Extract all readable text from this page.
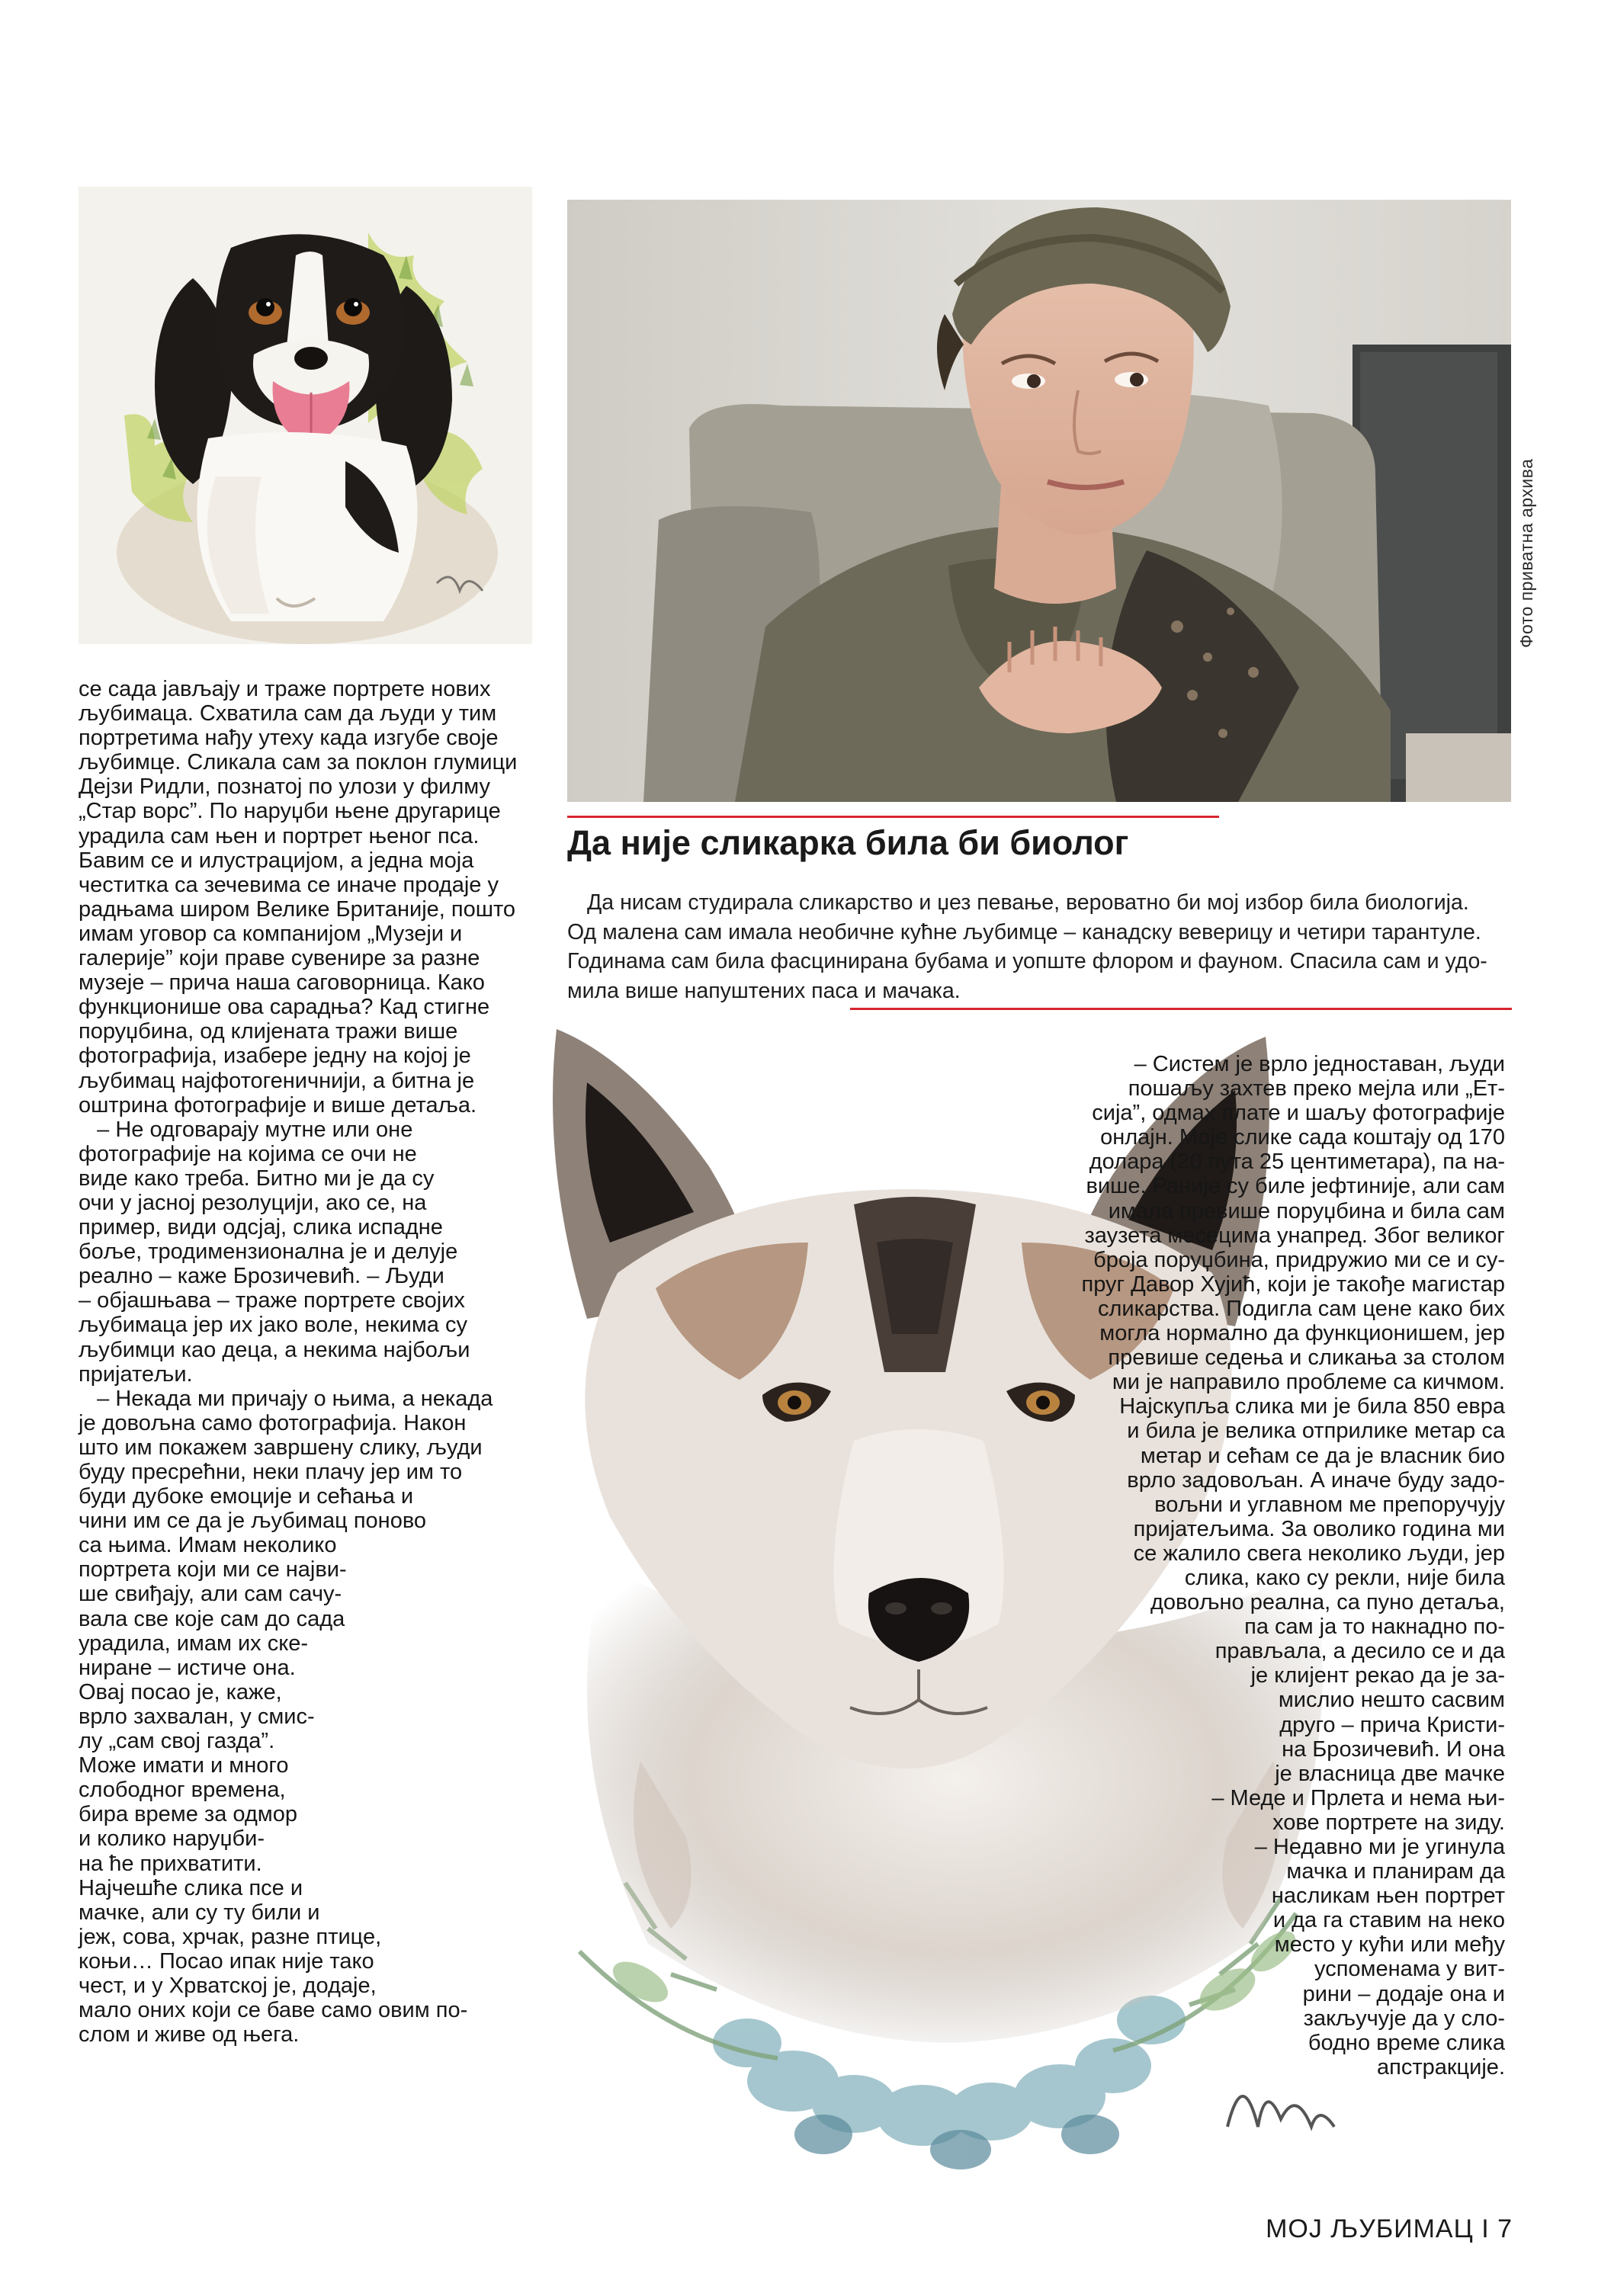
Фото приватна архива
Да није сликарка била би биолог
Да нисам студирала сликарство и џез певање, вероватно би мој избор била биологија.
Од малена сам имала необичне кућне љубимце – канадску веверицу и четири тарантуле.
Годинама сам била фасцинирана бубама и уопште флором и фауном. Спасила сам и удо-
мила више напуштених паса и мачака.
се сада јављају и траже портрете нових
љубимаца. Схватила сам да људи у тим
портретима нађу утеху када изгубе своје
љубимце. Сликала сам за поклон глумици
Дејзи Ридли, познатој по улози у филму
„Стар ворс”. По наруџби њене другарице
урадила сам њен и портрет њеног пса.
Бавим се и илустрацијом, а једна моја
честитка са зечевима се иначе продаје у
радњама широм Велике Британије, пошто
имам уговор са компанијом „Музеји и
галерије” који праве сувенире за разне
музеје – прича наша саговорница. Како
функционише ова сарадња? Кад стигне
поруџбина, од клијената тражи више
фотографија, изабере једну на којој је
љубимац најфотогеничнији, а битна је
оштрина фотографије и више детаља.
– Не одговарају мутне или оне
фотографије на којима се очи не
виде како треба. Битно ми је да су
очи у јасној резолуцији, ако се, на
пример, види одсјај, слика испадне
боље, тродимензионална је и делује
реално – каже Брозичевић. – Људи
– објашњава – траже портрете својих
љубимаца јер их јако воле, некима су
љубимци као деца, а некима најбољи
пријатељи.
– Некада ми причају о њима, а некада
је довољна само фотографија. Након
што им покажем завршену слику, људи
буду пресрећни, неки плачу јер им то
буди дубоке емоције и сећања и
чини им се да је љубимац поново
са њима. Имам неколико
портрета који ми се најви-
ше свиђају, али сам сачу-
вала све које сам до сада
урадила, имам их ске-
ниране – истиче она.
Овај посао је, каже,
врло захвалан, у смис-
лу „сам свој газда”.
Може имати и много
слободног времена,
бира време за одмор
и колико наруџби-
на ће прихватити.
Најчешће слика псе и
мачке, али су ту били и
јеж, сова, хрчак, разне птице,
коњи… Посао ипак није тако
чест, и у Хрватској је, додаје,
мало оних који се баве само овим по-
слом и живе од њега.
– Систем је врло једноставан, људи
пошаљу захтев преко мејла или „Ет-
сија”, одмах плате и шаљу фотографије
онлајн. Моје слике сада коштају од 170
долара (20 пута 25 центиметара), па на-
више. Раније су биле јефтиније, али сам
имала превише поруџбина и била сам
заузета месецима унапред. Због великог
броја поруџбина, придружио ми се и су-
пруг Давор Хујић, који је такође магистар
сликарства. Подигла сам цене како бих
могла нормално да функционишем, јер
превише седења и сликања за столом
ми је направило проблеме са кичмом.
Најскупља слика ми је била 850 евра
и била је велика отприлике метар са
метар и сећам се да је власник био
врло задовољан. А иначе буду задо-
вољни и углавном ме препоручују
пријатељима. За оволико година ми
се жалило свега неколико људи, јер
слика, како су рекли, није била
довољно реална, са пуно детаља,
па сам ја то накнадно по-
прављала, а десило се и да
је клијент рекао да је за-
мислио нешто сасвим
друго – прича Кристи-
на Брозичевић. И она
је власница две мачке
– Меде и Прлета и нема њи-
хове портрете на зиду.
– Недавно ми је угинула
мачка и планирам да
насликам њен портрет
и да га ставим на неко
место у кући или међу
успоменама у вит-
рини – додаје она и
закључује да у сло-
бодно време слика
апстракције.
МОЈ ЉУБИМАЦ I 7
